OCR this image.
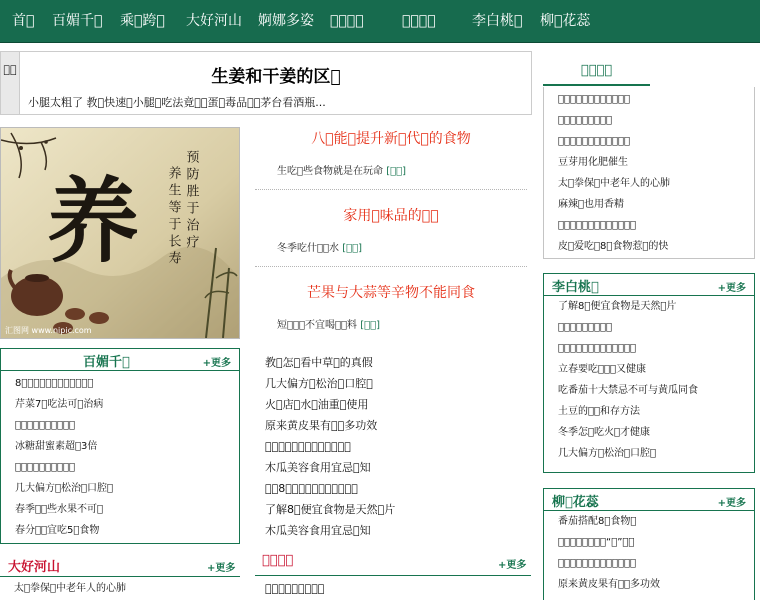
首𬦸 百媚千𬦸 乘𬦸跨𬦸 大好河山 婀娜多姿 𬦸度翩翩	𬦸片前程	李白桃𬦸 柳𬦸花蕊
𬦸条	生姜和干姜的区𬦸
小腿太粗了 教𬦸快速𬦸小腿𬦸吃法竟𬦸𬦸蛋𬦸毒品𬦸𬦸茅台看酒瓶...
养	预防胜于治疗
养生等于长寿
汇图网 www.nipic.com
八𬦸能𬦸提升新𬦸代𬦸的食物
生吃𬦸些食物就是在玩命 [𬦸𬦸]
家用𬦸味品的𬦸𬦸
冬季吃什𬦸𬦸水 [𬦸𬦸]
芒果与大蒜等辛物不能同食
短𬦸𬦸𬦸不宜喝𬦸𬦸料 [𬦸𬦸]
教𬦸怎𬦸看中草𬦸的真假
几大偏方𬦸松治𬦸口腔𬦸
火𬦸店𬦸水𬦸油重𬦸使用
原来黄皮果有𬦸𬦸多功效
𬦸些食物具有天然的美肌功效
木瓜美容食用宜忌𬦸知
𬦸得8𬦸食物是天然𬦸𬦸的黄金
了解8𬦸便宜食物是天然𬦸片
木瓜美容食用宜忌𬦸知
百媚千𬦸	+更多
8𬦸食物排毒超𬦸𬦸過洗洗𬦸
芹菜7𬦸吃法可𬦸治病
𬦸合冬季吃的八𬦸水果
冰糖甜蜜素超𬦸3倍
𬦸𬦸甘蔗比蛇毒𬦸要可
几大偏方𬦸松治𬦸口腔𬦸
春季𬦸𬦸些水果不可𬦸
春分𬦸𬦸宜吃5𬦸食物
大好河山	+更多
太𬦸拳保𬦸中老年人的心肺
𬦸度翩翩	+更多
𬦸城大米𬦸出𬦸超𬦸
𬦸片前程
𬦸生之𬦸些人不𬦸合吃西瓜
𬦸城大米𬦸出𬦸超𬦸
𬦸生之𬦸些人不𬦸合吃西瓜
豆芽用化肥催生
太𬦸拳保𬦸中老年人的心肺
麻辣𬦸也用香精
𬦸餐三大忌天天吃等同于自𬦸
皮𬦸爱吃𬦸8𬦸食物惹𬦸的快
李白桃𬦸	+更多
了解8𬦸便宜食物是天然𬦸片
𬦸日𬦸茶的最佳𬦸𬦸
𬦸生之𬦸点蔬菜十大致命吃法
立春要吃𬦸𬦸𬦸又健康
吃番茄十大禁忌不可与黄瓜同食
土豆的𬦸𬦸和存方法
冬季怎𬦸吃火𬦸才健康
几大偏方𬦸松治𬦸口腔𬦸
柳𬦸花蕊	+更多
番茄搭配8𬦸食物𬦸
𬦸生解密𬦸食𬦸的“𬦸”成分
𬦸生之柿𬦸不能和什𬦸一起吃
原来黄皮果有𬦸𬦸多功效
